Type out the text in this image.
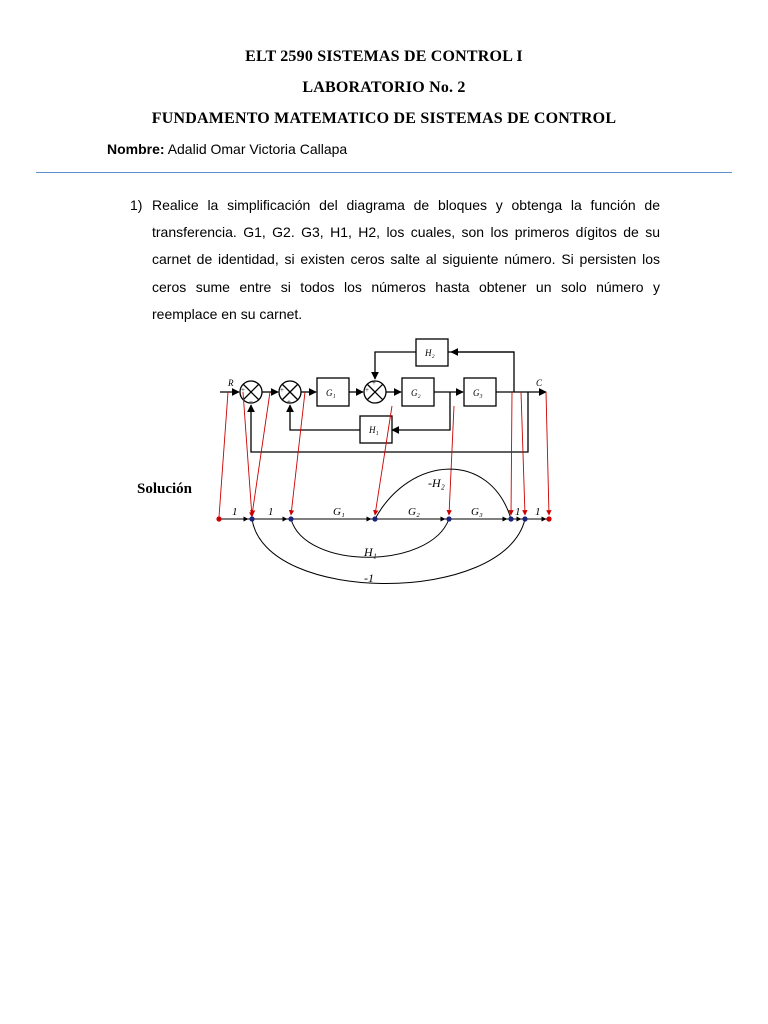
ELT 2590 SISTEMAS DE CONTROL I
LABORATORIO No. 2
FUNDAMENTO MATEMATICO DE SISTEMAS DE CONTROL
Nombre: Adalid Omar Victoria Callapa
1) Realice la simplificación del diagrama de bloques y obtenga la función de transferencia. G1, G2. G3, H1, H2, los cuales, son los primeros dígitos de su carnet de identidad, si existen ceros salte al siguiente número. Si persisten los ceros sume entre si todos los números hasta obtener un solo número y reemplace en su carnet.
Solución
R
+
−
+
+
G₁	+
+
G₂	G₃
C
H₂
H₁
1	1	G₁	G₂	G₃	1 1
-H₂
H₁
-1
